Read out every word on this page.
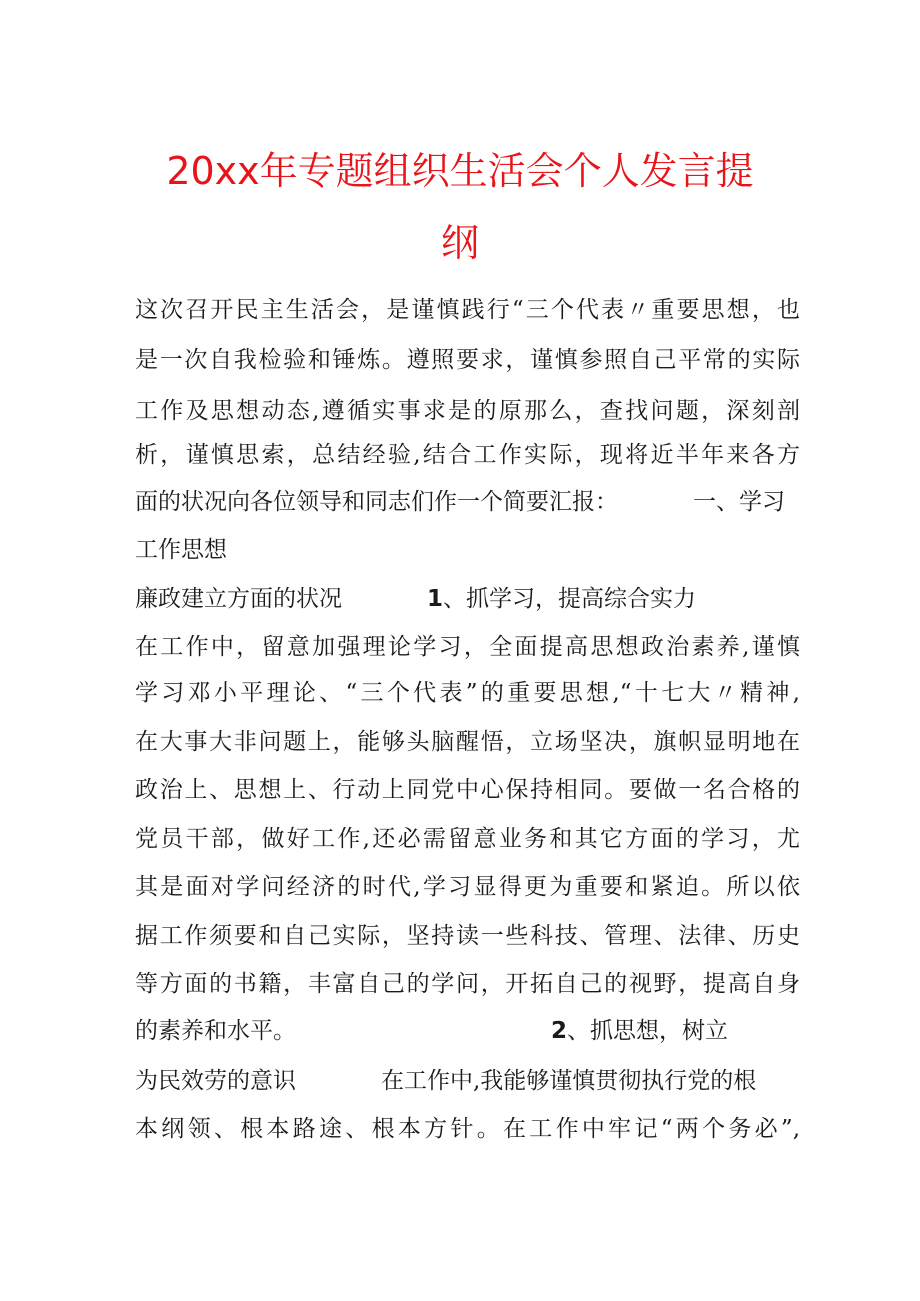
20xx年专题组织生活会个人发言提
纲

这次召开民主生活会，是谨慎践行“三个代表〃重要思想，也

是一次自我检验和锤炼。遵照要求，谨慎参照自己平常的实际

工作及思想动态,遵循实事求是的原那么，查找问题，深刻剖

析，谨慎思索，总结经验,结合工作实际，现将近半年来各方

面的状况向各位领导和同志们作一个简要汇报：	一、学习

工作思想

廉政建立方面的状况	1 、抓学习，提高综合实力

在工作中，留意加强理论学习，全面提高思想政治素养,谨慎

学习邓小平理论、“三个代表”的重要思想,“十七大〃精神,

在大事大非问题上，能够头脑醒悟，立场坚决，旗帜显明地在

政治上、思想上、行动上同党中心保持相同。要做一名合格的

党员干部，做好工作,还必需留意业务和其它方面的学习，尤

其是面对学问经济的时代,学习显得更为重要和紧迫。所以依

据工作须要和自己实际，坚持读一些科技、管理、法律、历史

等方面的书籍，丰富自己的学问，开拓自己的视野，提高自身

的素养和水平。	2 、抓思想，树立
为民效劳的意识	在工作中,我能够谨慎贯彻执行党的根

本纲领、根本路途、根本方针。在工作中牢记“两个务必”,
